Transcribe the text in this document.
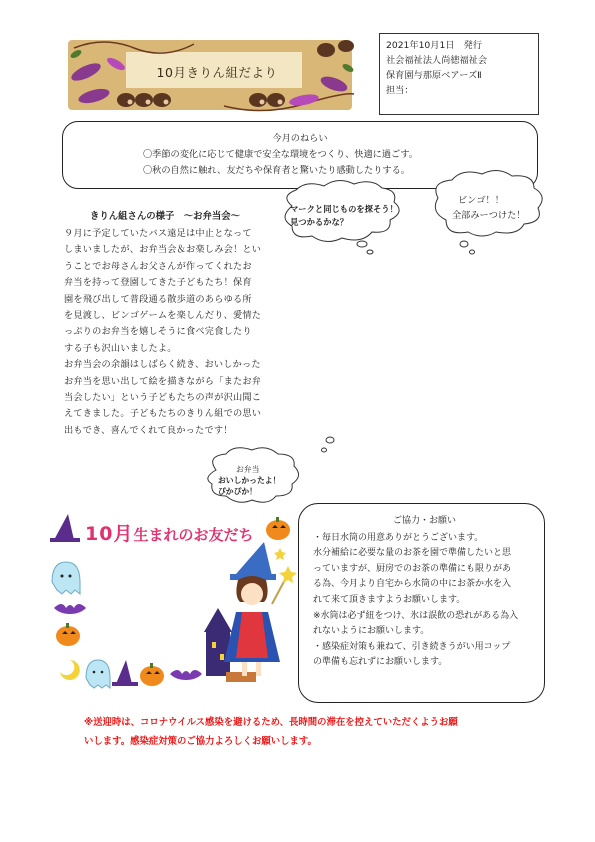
10月きりん組だより
2021年10月1日　発行
社会福祉法人尚徳福祉会
保育園与那原ベアーズⅡ
担当：
今月のねらい
〇季節の変化に応じて健康で安全な環境をつくり、快適に過ごす。
〇秋の自然に触れ、友だちや保育者と驚いたり感動したりする。
きりん組さんの様子　～お弁当会～

９月に予定していたバス遠足は中止となって

しまいましたが、お弁当会＆お楽しみ会！とい

うことでお母さんお父さんが作ってくれたお

弁当を持って登園してきた子どもたち！保育

園を飛び出して普段通る散歩道のあらゆる所

を見渡し、ビンゴゲームを楽しんだり、愛情た

っぷりのお弁当を嬉しそうに食べ完食したり

する子も沢山いましたよ。

お弁当会の余韻はしばらく続き、おいしかった

お弁当を思い出して絵を描きながら「またお弁

当会したい」という子どもたちの声が沢山聞こ

えてきました。子どもたちのきりん組での思い

出もでき、喜んでくれて良かったです！

マークと同じものを探そう！
見つかるかな？
ビンゴ！！
全部みーつけた！
お弁当
おいしかったよ！
ぴかぴか！
10月生まれのお友だち
ご協力・お願い

・毎日水筒の用意ありがとうございます。

水分補給に必要な量のお茶を園で準備したいと思

っていますが、厨房でのお茶の準備にも限りがあ

る為、今月より自宅から水筒の中にお茶か水を入

れて来て頂きますようお願いします。

※水筒は必ず紐をつけ、氷は誤飲の恐れがある為入

れないようにお願いします。

・感染症対策も兼ねて、引き続きうがい用コップ

の準備も忘れずにお願いします。

※送迎時は、コロナウイルス感染を避けるため、長時間の滞在を控えていただくようお願
いします。感染症対策のご協力よろしくお願いします。
